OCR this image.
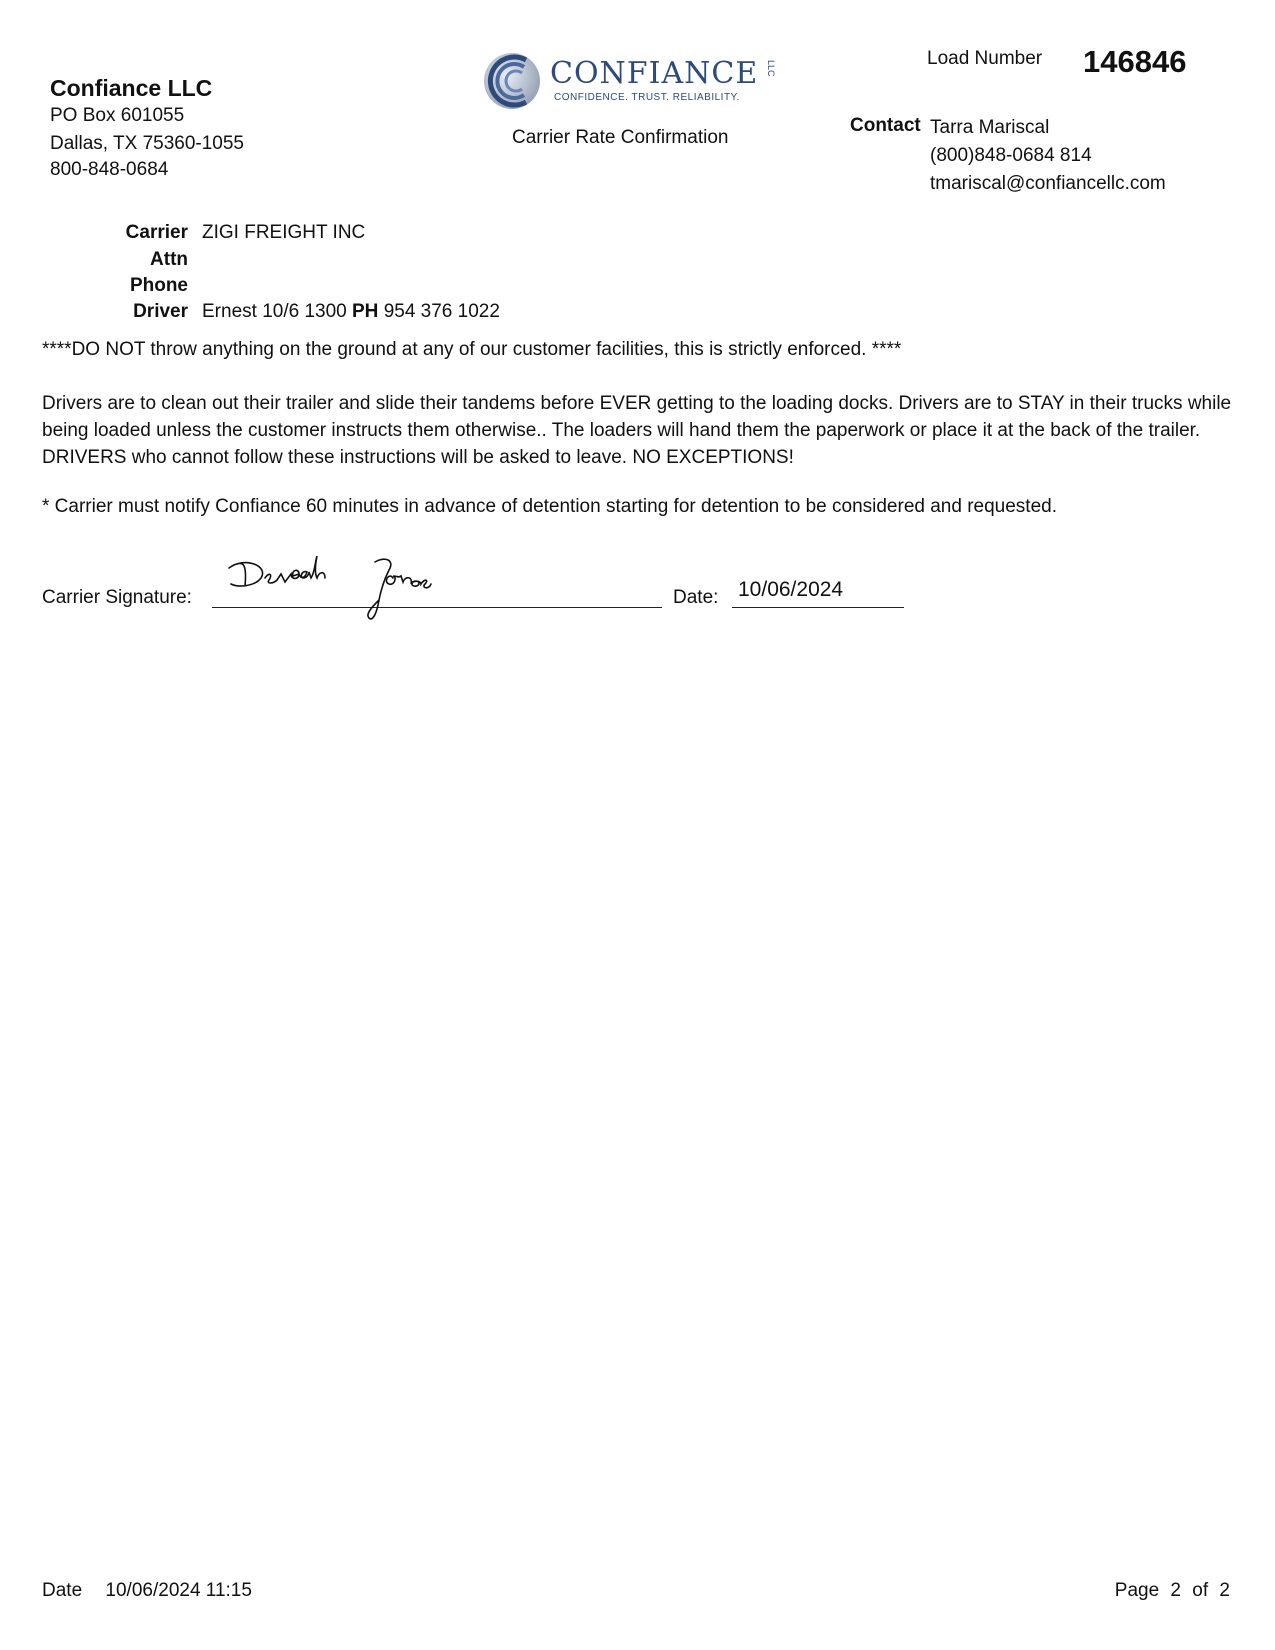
Confiance LLC
PO Box 601055
Dallas, TX 75360-1055
800-848-0684
CONFIANCE
CONFIDENCE. TRUST. RELIABILITY.
LLC
Carrier Rate Confirmation
Load Number 146846
Contact Tarra Mariscal
(800)848-0684 814
tmariscal@confiancellc.com
Carrier ZIGI FREIGHT INC
Attn
Phone
Driver Ernest 10/6 1300 PH 954 376 1022
****DO NOT throw anything on the ground at any of our customer facilities, this is strictly enforced. ****
Drivers are to clean out their trailer and slide their tandems before EVER getting to the loading docks. Drivers are to STAY in their trucks while being loaded unless the customer instructs them otherwise.. The loaders will hand them the paperwork or place it at the back of the trailer. DRIVERS who cannot follow these instructions will be asked to leave. NO EXCEPTIONS!
* Carrier must notify Confiance 60 minutes in advance of detention starting for detention to be considered and requested.
Carrier Signature:	Date: 10/06/2024
Date 10/06/2024 11:15	Page 2 of 2
